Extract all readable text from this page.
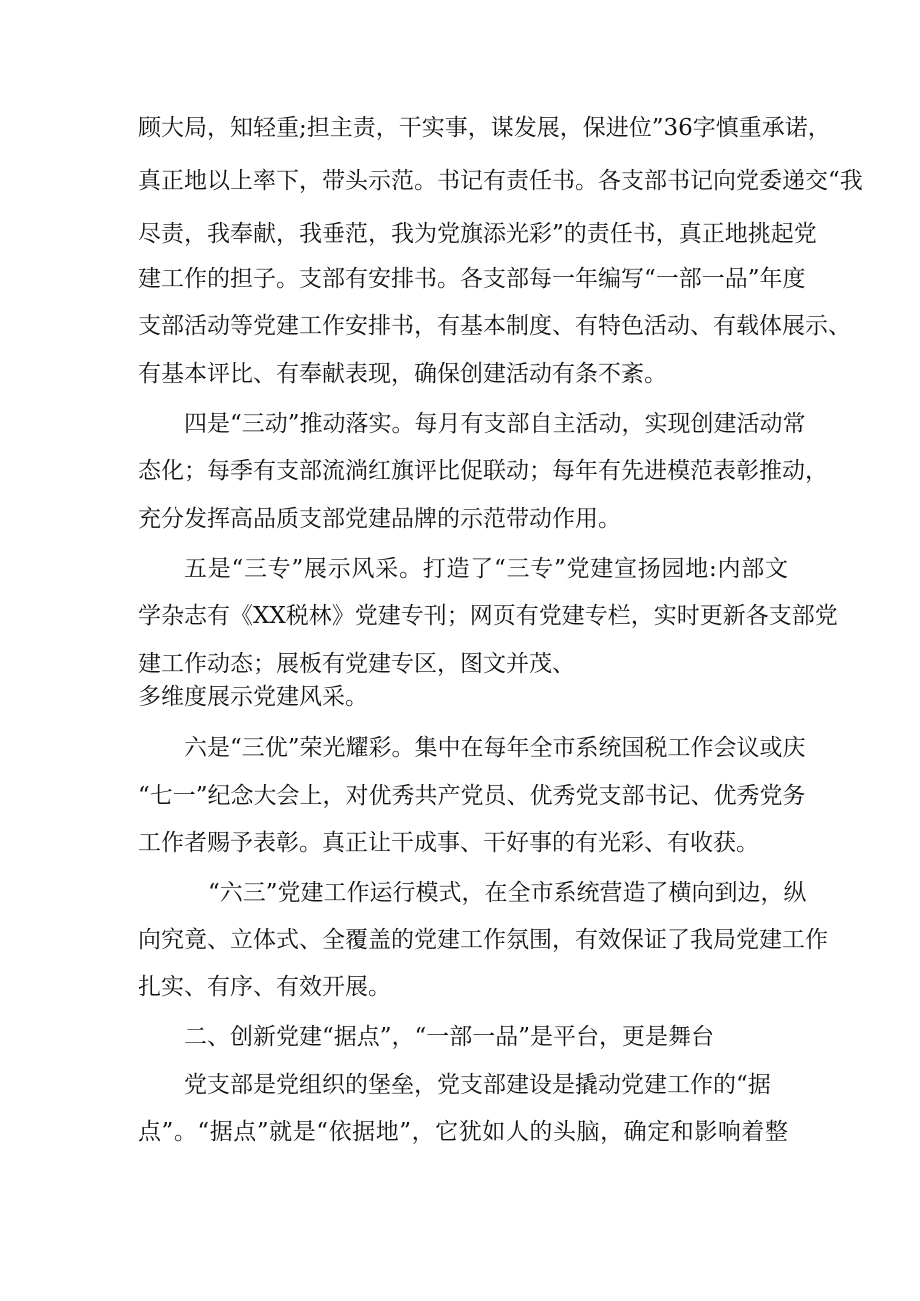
顾大局，知轻重;担主责，干实事，谋发展，保进位”36字慎重承诺，
真正地以上率下，带头示范。书记有责任书。各支部书记向党委递交“我
尽责，我奉献，我垂范，我为党旗添光彩”的责任书，真正地挑起党
建工作的担子。支部有安排书。各支部每一年编写“一部一品”年度
支部活动等党建工作安排书，有基本制度、有特色活动、有载体展示、
有基本评比、有奉献表现，确保创建活动有条不紊。
四是“三动”推动落实。每月有支部自主活动，实现创建活动常
态化；每季有支部流淌红旗评比促联动；每年有先进模范表彰推动，
充分发挥高品质支部党建品牌的示范带动作用。
五是“三专”展示风采。打造了“三专”党建宣扬园地:内部文
学杂志有《XX税林》党建专刊；网页有党建专栏，实时更新各支部党
建工作动态；展板有党建专区，图文并茂、
多维度展示党建风采。
六是“三优”荣光耀彩。集中在每年全市系统国税工作会议或庆
“七一”纪念大会上，对优秀共产党员、优秀党支部书记、优秀党务
工作者赐予表彰。真正让干成事、干好事的有光彩、有收获。
“六三”党建工作运行模式，在全市系统营造了横向到边，纵
向究竟、立体式、全覆盖的党建工作氛围，有效保证了我局党建工作
扎实、有序、有效开展。
二、创新党建“据点”，“一部一品”是平台，更是舞台
党支部是党组织的堡垒，党支部建设是撬动党建工作的“据
点”。“据点”就是“依据地”，它犹如人的头脑，确定和影响着整
